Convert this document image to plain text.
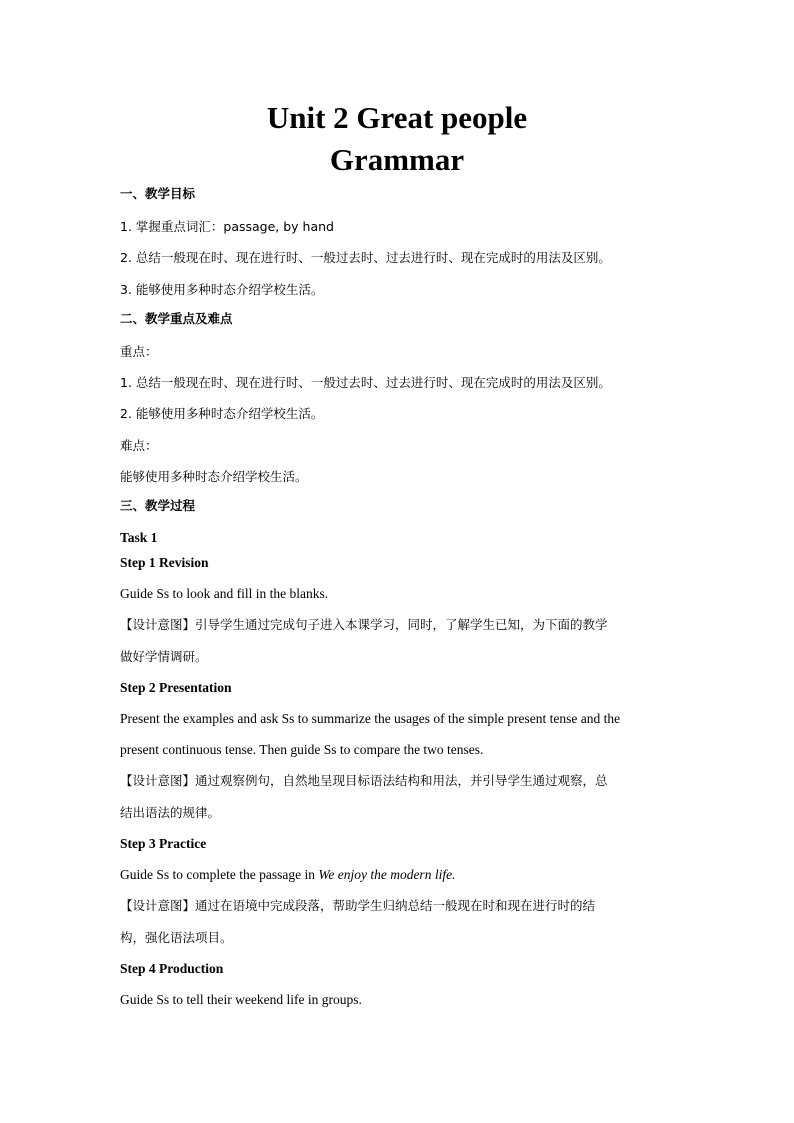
Unit 2 Great people
Grammar
一、教学目标
1. 掌握重点词汇：passage, by hand
2. 总结一般现在时、现在进行时、一般过去时、过去进行时、现在完成时的用法及区别。
3. 能够使用多种时态介绍学校生活。
二、教学重点及难点
重点：
1. 总结一般现在时、现在进行时、一般过去时、过去进行时、现在完成时的用法及区别。
2. 能够使用多种时态介绍学校生活。
难点：
能够使用多种时态介绍学校生活。
三、教学过程
Task 1
Step 1 Revision
Guide Ss to look and fill in the blanks.
【设计意图】引导学生通过完成句子进入本课学习，同时，了解学生已知，为下面的教学
做好学情调研。
Step 2 Presentation
Present the examples and ask Ss to summarize the usages of the simple present tense and the
present continuous tense. Then guide Ss to compare the two tenses.
【设计意图】通过观察例句，自然地呈现目标语法结构和用法，并引导学生通过观察，总
结出语法的规律。
Step 3 Practice
Guide Ss to complete the passage in We enjoy the modern life.
【设计意图】通过在语境中完成段落，帮助学生归纳总结一般现在时和现在进行时的结
构，强化语法项目。
Step 4 Production
Guide Ss to tell their weekend life in groups.
